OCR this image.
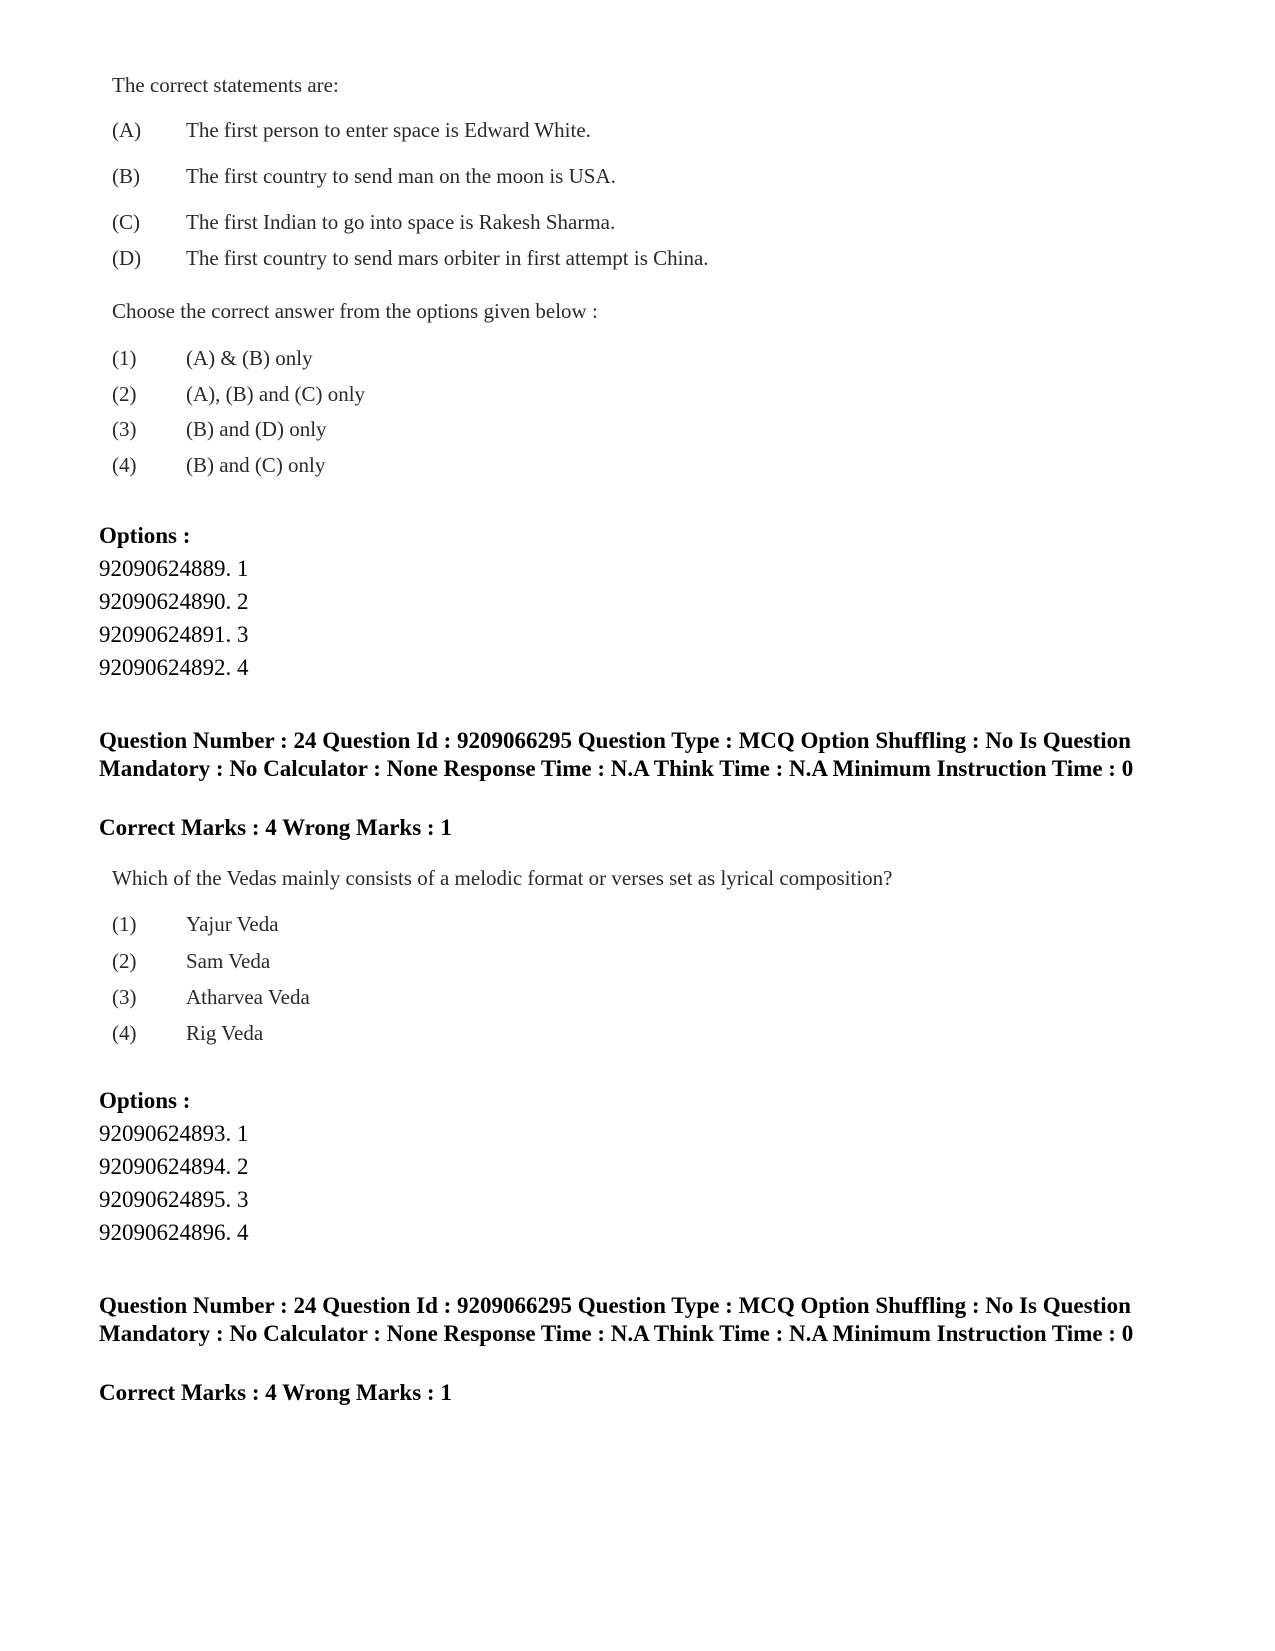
The correct statements are:
(A)	The first person to enter space is Edward White.
(B)	The first country to send man on the moon is USA.
(C)	The first Indian to go into space is Rakesh Sharma.
(D)	The first country to send mars orbiter in first attempt is China.
Choose the correct answer from the options given below :
(1)	(A) & (B) only
(2)	(A), (B) and (C) only
(3)	(B) and (D) only
(4)	(B) and (C) only
Options :
92090624889. 1
92090624890. 2
92090624891. 3
92090624892. 4
Question Number : 24 Question Id : 9209066295 Question Type : MCQ Option Shuffling : No Is Question Mandatory : No Calculator : None Response Time : N.A Think Time : N.A Minimum Instruction Time : 0
Correct Marks : 4 Wrong Marks : 1
Which of the Vedas mainly consists of a melodic format or verses set as lyrical composition?
(1)	Yajur Veda
(2)	Sam Veda
(3)	Atharvea Veda
(4)	Rig Veda
Options :
92090624893. 1
92090624894. 2
92090624895. 3
92090624896. 4
Question Number : 24 Question Id : 9209066295 Question Type : MCQ Option Shuffling : No Is Question Mandatory : No Calculator : None Response Time : N.A Think Time : N.A Minimum Instruction Time : 0
Correct Marks : 4 Wrong Marks : 1
